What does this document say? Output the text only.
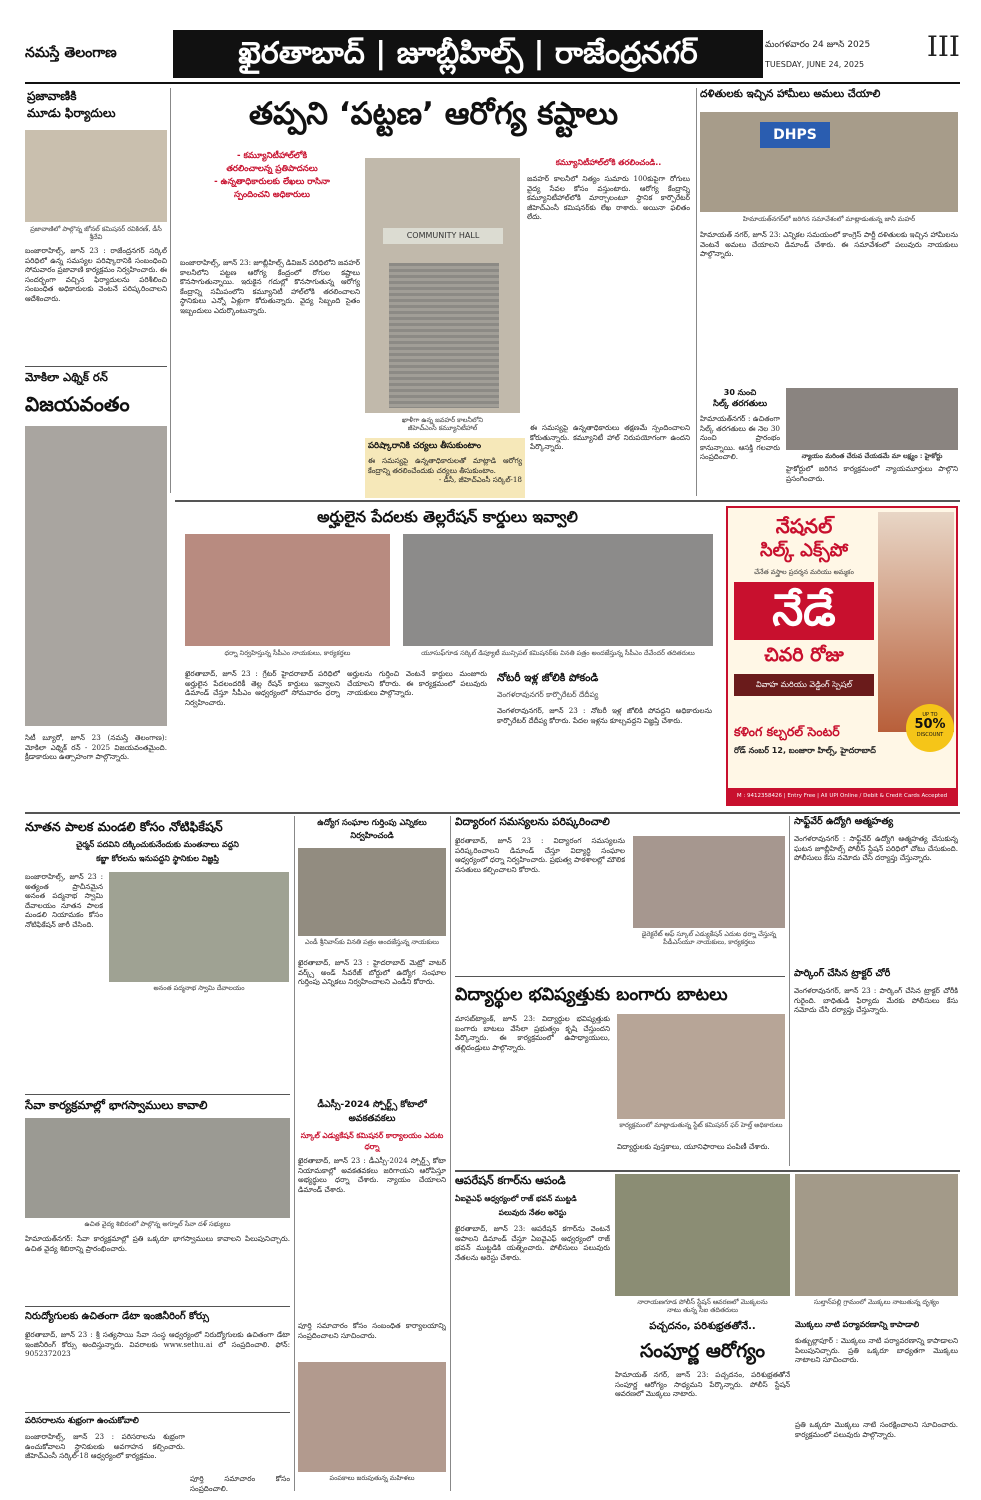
నమస్తే తెలంగాణ	ఖైరతాబాద్ | జూబ్లీహిల్స్ | రాజేంద్రనగర్	మంగళవారం 24 జూన్ 2025
TUESDAY, JUNE 24, 2025
III
ప్రజావాణికి
మూడు ఫిర్యాదులు
ప్రజావాణిలో పాల్గొన్న జోనల్ కమిషనర్ రవికిరణ్, డీసీ శ్రీదేవి
బంజారాహిల్స్, జూన్ 23 : రాజేంద్రనగర్ సర్కిల్ పరిధిలో ఉన్న సమస్యల పరిష్కారానికి సంబంధించి సోమవారం ప్రజావాణి కార్యక్రమం నిర్వహించారు. ఈ సందర్భంగా వచ్చిన ఫిర్యాదులను పరిశీలించి సంబంధిత అధికారులకు వెంటనే పరిష్కరించాలని ఆదేశించారు.
మోకిలా ఎథ్నిక్ రన్
విజయవంతం
సిటీ బ్యూరో, జూన్ 23 (నమస్తే తెలంగాణ): మోకిలా ఎథ్నిక్ రన్ - 2025 విజయవంతమైంది. క్రీడాకారులు ఉత్సాహంగా పాల్గొన్నారు.
తప్పని ‘పట్టణ’ ఆరోగ్య కష్టాలు
- కమ్యూనిటీహాల్‌లోకి
తరలించాలన్న ప్రతిపాదనలు
- ఉన్నతాధికారులకు లేఖలు రాసినా
స్పందించని అధికారులు
COMMUNITY HALL
ఖాళీగా ఉన్న జవహర్ కాలనీలోని
జీహెచ్‌ఎంసీ కమ్యూనిటీహాల్
బంజారాహిల్స్, జూన్ 23: జూబ్లీహిల్స్ డివిజన్ పరిధిలోని జవహర్ కాలనీలోని పట్టణ ఆరోగ్య కేంద్రంలో రోగుల కష్టాలు కొనసాగుతున్నాయి. ఇరుకైన గదుల్లో కొనసాగుతున్న ఆరోగ్య కేంద్రాన్ని సమీపంలోని కమ్యూనిటీ హాల్‌లోకి తరలించాలని స్థానికులు ఎన్నో ఏళ్లుగా కోరుతున్నారు. వైద్య సిబ్బంది సైతం ఇబ్బందులు ఎదుర్కొంటున్నారు.
కమ్యూనిటీహాల్‌లోకి తరలించండి..
జవహర్ కాలనీలో నిత్యం సుమారు 100కుపైగా రోగులు వైద్య సేవల కోసం వస్తుంటారు. ఆరోగ్య కేంద్రాన్ని కమ్యూనిటీహాల్‌లోకి మార్చాలంటూ స్థానిక కార్పొరేటర్ జీహెచ్‌ఎంసీ కమిషనర్‌కు లేఖ రాశారు. అయినా ఫలితం లేదు.
పరిష్కారానికి చర్యలు తీసుకుంటాం
ఈ సమస్యపై ఉన్నతాధికారులతో మాట్లాడి ఆరోగ్య కేంద్రాన్ని తరలించేందుకు చర్యలు తీసుకుంటాం.
- డీసీ, జీహెచ్‌ఎంసీ సర్కిల్-18
ఈ సమస్యపై ఉన్నతాధికారులు తక్షణమే స్పందించాలని కోరుతున్నారు. కమ్యూనిటీ హాల్ నిరుపయోగంగా ఉందని పేర్కొన్నారు.
దళితులకు ఇచ్చిన హామీలు అమలు చేయాలి
DHPS
హిమాయత్‌నగర్‌లో జరిగిన సమావేశంలో మాట్లాడుతున్న జానీ మహర్
హిమాయత్ నగర్, జూన్ 23: ఎన్నికల సమయంలో కాంగ్రెస్ పార్టీ దళితులకు ఇచ్చిన హామీలను వెంటనే అమలు చేయాలని డిమాండ్ చేశారు. ఈ సమావేశంలో పలువురు నాయకులు పాల్గొన్నారు.
30 నుంచి
సిల్క్ తరగతులు
హిమాయత్‌నగర్ : ఉచితంగా సిల్క్ తరగతులు ఈ నెల 30 నుంచి ప్రారంభం కానున్నాయి. ఆసక్తి గలవారు సంప్రదించాలి.	న్యాయం మరింత చేరువ చేయడమే మా లక్ష్యం : హైకోర్టు
హైకోర్టులో జరిగిన కార్యక్రమంలో న్యాయమూర్తులు పాల్గొని ప్రసంగించారు.
అర్హులైన పేదలకు తెల్లరేషన్ కార్డులు ఇవ్వాలి
ధర్నా నిర్వహిస్తున్న సీపీఎం నాయకులు, కార్యకర్తలు	యూసుఫ్‌గూడ సర్కిల్ డిప్యూటీ మున్సిపల్ కమిషనర్‌కు వినతి పత్రం అందజేస్తున్న సీపీఎం దేవేందర్ తదితరులు
ఖైరతాబాద్, జూన్ 23 : గ్రేటర్ హైదరాబాద్ పరిధిలో అర్హులైన పేదలందరికీ తెల్ల రేషన్ కార్డులు ఇవ్వాలని డిమాండ్ చేస్తూ సీపీఎం ఆధ్వర్యంలో సోమవారం ధర్నా నిర్వహించారు.
అర్హులను గుర్తించి వెంటనే కార్డులు మంజూరు చేయాలని కోరారు. ఈ కార్యక్రమంలో పలువురు నాయకులు పాల్గొన్నారు.
నోటరీ ఇళ్ల జోలికి పోకండి
వెంగళరావునగర్ కార్పొరేటర్ దేదీప్య
వెంగళరావునగర్, జూన్ 23 : నోటరీ ఇళ్ల జోలికి పోవద్దని అధికారులను కార్పొరేటర్ దేదీప్య కోరారు. పేదల ఇళ్లను కూల్చవద్దని విజ్ఞప్తి చేశారు.
నేషనల్
సిల్క్ ఎక్స్‌పో
చేనేత వస్త్రాల ప్రదర్శన మరియు అమ్మకం
నేడే
చివరి రోజు
వివాహ మరియు వెడ్డింగ్ స్పెషల్
UP TO
50%
DISCOUNT
కళింగ కల్చరల్ సెంటర్
రోడ్ నంబర్ 12, బంజారా హిల్స్, హైదరాబాద్
M : 9412358426 | Entry Free | All UPI Online / Debit & Credit Cards Accepted
నూతన పాలక మండలి కోసం నోటిఫికేషన్
చైర్మన్ పదవిని దక్కించుకునేందుకు మంతనాలు వద్దని
కబ్జా కోరలను ఇనుపద్దని స్థానికుల విజ్ఞప్తి
బంజారాహిల్స్, జూన్ 23 : అత్యంత ప్రాచీనమైన అనంత పద్మనాభ స్వామి దేవాలయం నూతన పాలక మండలి నియామకం కోసం నోటిఫికేషన్ జారీ చేసింది.
అనంత పద్మనాభ స్వామి దేవాలయం
సేవా కార్యక్రమాల్లో భాగస్వాములు కావాలి
ఉచిత వైద్య శిబిరంలో పాల్గొన్న అగ్నూల్ సేవా దళ్ సభ్యులు
హిమాయత్‌నగర్: సేవా కార్యక్రమాల్లో ప్రతి ఒక్కరూ భాగస్వాములు కావాలని పిలుపునిచ్చారు. ఉచిత వైద్య శిబిరాన్ని ప్రారంభించారు.
నిరుద్యోగులకు ఉచితంగా డేటా ఇంజినీరింగ్ కోర్సు
ఖైరతాబాద్, జూన్ 23 : శ్రీ సత్యసాయి సేవా సంస్థ ఆధ్వర్యంలో నిరుద్యోగులకు ఉచితంగా డేటా ఇంజినీరింగ్ కోర్సు అందిస్తున్నారు. వివరాలకు www.sethu.ai లో సంప్రదించాలి. ఫోన్: 9052372023
పరిసరాలను శుభ్రంగా ఉంచుకోవాలి
బంజారాహిల్స్, జూన్ 23 : పరిసరాలను శుభ్రంగా ఉంచుకోవాలని స్థానికులకు అవగాహన కల్పించారు. జీహెచ్‌ఎంసీ సర్కిల్-18 ఆధ్వర్యంలో కార్యక్రమం.
ఉద్యోగ సంఘాల గుర్తింపు ఎన్నికలు నిర్వహించండి
ఎండీ శ్రీనివాస్‌కు వినతి పత్రం అందజేస్తున్న నాయకులు
ఖైరతాబాద్, జూన్ 23 : హైదరాబాద్ మెట్రో వాటర్ వర్క్స్ అండ్ సీవరేజ్ బోర్డులో ఉద్యోగ సంఘాల గుర్తింపు ఎన్నికలు నిర్వహించాలని ఎండీని కోరారు.
డీఎస్సీ-2024 స్పోర్ట్స్ కోటాలో అవకతవకలు
స్కూల్ ఎడ్యుకేషన్ కమిషనర్ కార్యాలయం ఎదుట ధర్నా
ఖైరతాబాద్, జూన్ 23 : డీఎస్సీ-2024 స్పోర్ట్స్ కోటా నియామకాల్లో అవకతవకలు జరిగాయని ఆరోపిస్తూ అభ్యర్థులు ధర్నా చేశారు. న్యాయం చేయాలని డిమాండ్ చేశారు.
పూర్తి సమాచారం కోసం సంబంధిత కార్యాలయాన్ని సంప్రదించాలని సూచించారు.
విద్యారంగ సమస్యలను పరిష్కరించాలి
ఖైరతాబాద్, జూన్ 23 : విద్యారంగ సమస్యలను పరిష్కరించాలని డిమాండ్ చేస్తూ విద్యార్థి సంఘాల ఆధ్వర్యంలో ధర్నా నిర్వహించారు. ప్రభుత్వ పాఠశాలల్లో మౌలిక వసతులు కల్పించాలని కోరారు.
డైరెక్టరేట్ ఆఫ్ స్కూల్ ఎడ్యుకేషన్ ఎదుట ధర్నా చేస్తున్న పీడీఎస్‌యూ నాయకులు, కార్యకర్తలు
విద్యార్థుల భవిష్యత్తుకు బంగారు బాటలు
మాసబ్‌ట్యాంక్, జూన్ 23: విద్యార్థుల భవిష్యత్తుకు బంగారు బాటలు వేసేలా ప్రభుత్వం కృషి చేస్తుందని పేర్కొన్నారు. ఈ కార్యక్రమంలో ఉపాధ్యాయులు, తల్లిదండ్రులు పాల్గొన్నారు.
కార్యక్రమంలో మాట్లాడుతున్న స్టేట్ కమిషనర్ ఫర్ హెల్త్ అధికారులు
విద్యార్థులకు పుస్తకాలు, యూనిఫారాలు పంపిణీ చేశారు.
సాఫ్ట్‌వేర్ ఉద్యోగి ఆత్మహత్య
వెంగళరావునగర్ : సాఫ్ట్‌వేర్ ఉద్యోగి ఆత్మహత్య చేసుకున్న ఘటన జూబ్లీహిల్స్ పోలీస్ స్టేషన్ పరిధిలో చోటు చేసుకుంది. పోలీసులు కేసు నమోదు చేసి దర్యాప్తు చేస్తున్నారు.
పార్కింగ్ చేసిన ట్రాక్టర్ చోరీ
వెంగళరావునగర్, జూన్ 23 : పార్కింగ్ చేసిన ట్రాక్టర్ చోరీకి గురైంది. బాధితుడి ఫిర్యాదు మేరకు పోలీసులు కేసు నమోదు చేసి దర్యాప్తు చేస్తున్నారు.
ఆపరేషన్ కగార్‌ను ఆపండి
ఏఐవైఎఫ్ ఆధ్వర్యంలో రాజ్ భవన్ ముట్టడి
పలువురు నేతల అరెస్టు
ఖైరతాబాద్, జూన్ 23: ఆపరేషన్ కగార్‌ను వెంటనే ఆపాలని డిమాండ్ చేస్తూ ఏఐవైఎఫ్ ఆధ్వర్యంలో రాజ్ భవన్ ముట్టడికి యత్నించారు. పోలీసులు పలువురు నేతలను అరెస్టు చేశారు.
నారాయణగూడ పోలీస్ స్టేషన్ ఆవరణలో మొక్కలను
నాటు తున్న సీఐ తదితరులు
సుల్తాన్‌పల్లి గ్రామంలో మొక్కలు నాటుతున్న దృశ్యం
పచ్చదనం, పరిశుభ్రతతోనే..
సంపూర్ణ ఆరోగ్యం
హిమాయత్ నగర్, జూన్ 23: పచ్చదనం, పరిశుభ్రతతోనే సంపూర్ణ ఆరోగ్యం సాధ్యమని పేర్కొన్నారు. పోలీస్ స్టేషన్ ఆవరణలో మొక్కలు నాటారు.
మొక్కలు నాటి పర్యావరణాన్ని కాపాడాలి
కుత్బుల్లాపూర్ : మొక్కలు నాటి పర్యావరణాన్ని కాపాడాలని పిలుపునిచ్చారు. ప్రతి ఒక్కరూ బాధ్యతగా మొక్కలు నాటాలని సూచించారు.
ప్రతి ఒక్కరూ మొక్కలు నాటి సంరక్షించాలని సూచించారు. కార్యక్రమంలో పలువురు పాల్గొన్నారు.
పంపకాలు జరుపుతున్న మహిళలు
పూర్తి సమాచారం కోసం సంప్రదించాలి.
